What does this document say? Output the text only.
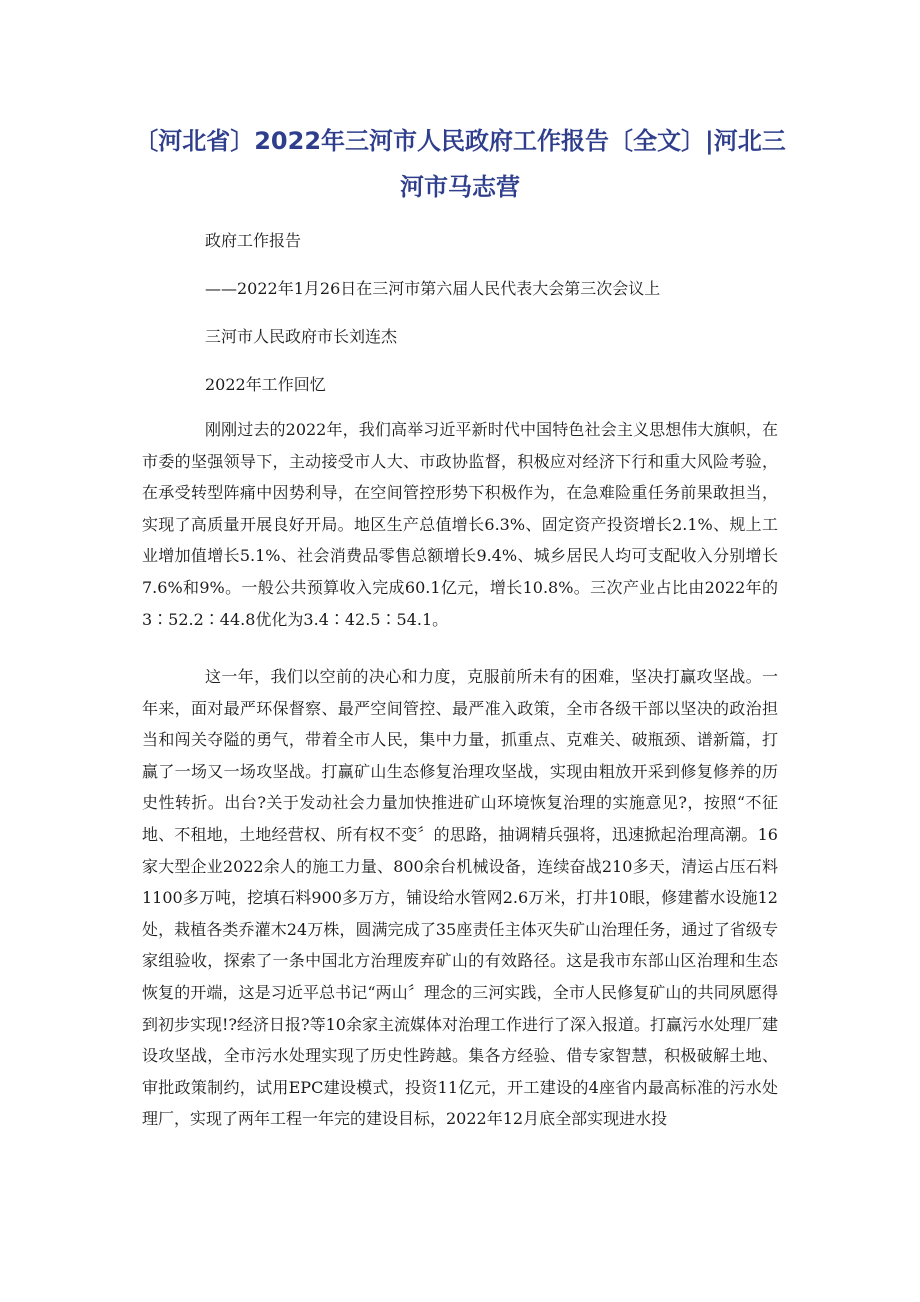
〔河北省〕2022年三河市人民政府工作报告〔全文〕|河北三河市马志营

政府工作报告

——2022年1月26日在三河市第六届人民代表大会第三次会议上

三河市人民政府市长刘连杰

2022年工作回忆

刚刚过去的2022年，我们高举习近平新时代中国特色社会主义思想伟大旗帜，在市委的坚强领导下，主动接受市人大、市政协监督，积极应对经济下行和重大风险考验，在承受转型阵痛中因势利导，在空间管控形势下积极作为，在急难险重任务前果敢担当，实现了高质量开展良好开局。地区生产总值增长6.3%、固定资产投资增长2.1%、规上工业增加值增长5.1%、社会消费品零售总额增长9.4%、城乡居民人均可支配收入分别增长7.6%和9%。一般公共预算收入完成60.1亿元，增长10.8%。三次产业占比由2022年的3∶52.2∶44.8优化为3.4∶42.5∶54.1。

这一年，我们以空前的决心和力度，克服前所未有的困难，坚决打赢攻坚战。一年来，面对最严环保督察、最严空间管控、最严准入政策，全市各级干部以坚决的政治担当和闯关夺隘的勇气，带着全市人民，集中力量，抓重点、克难关、破瓶颈、谱新篇，打赢了一场又一场攻坚战。打赢矿山生态修复治理攻坚战，实现由粗放开采到修复修养的历史性转折。出台?关于发动社会力量加快推进矿山环境恢复治理的实施意见?，按照“不征地、不租地，土地经营权、所有权不变〞的思路，抽调精兵强将，迅速掀起治理高潮。16家大型企业2022余人的施工力量、800余台机械设备，连续奋战210多天，清运占压石料1100多万吨，挖填石料900多万方，铺设给水管网2.6万米，打井10眼，修建蓄水设施12处，栽植各类乔灌木24万株，圆满完成了35座责任主体灭失矿山治理任务，通过了省级专家组验收，探索了一条中国北方治理废弃矿山的有效路径。这是我市东部山区治理和生态恢复的开端，这是习近平总书记“两山〞理念的三河实践，全市人民修复矿山的共同夙愿得到初步实现!?经济日报?等10余家主流媒体对治理工作进行了深入报道。打赢污水处理厂建设攻坚战，全市污水处理实现了历史性跨越。集各方经验、借专家智慧，积极破解土地、审批政策制约，试用EPC建设模式，投资11亿元，开工建设的4座省内最高标准的污水处理厂，实现了两年工程一年完的建设目标，2022年12月底全部实现进水投
